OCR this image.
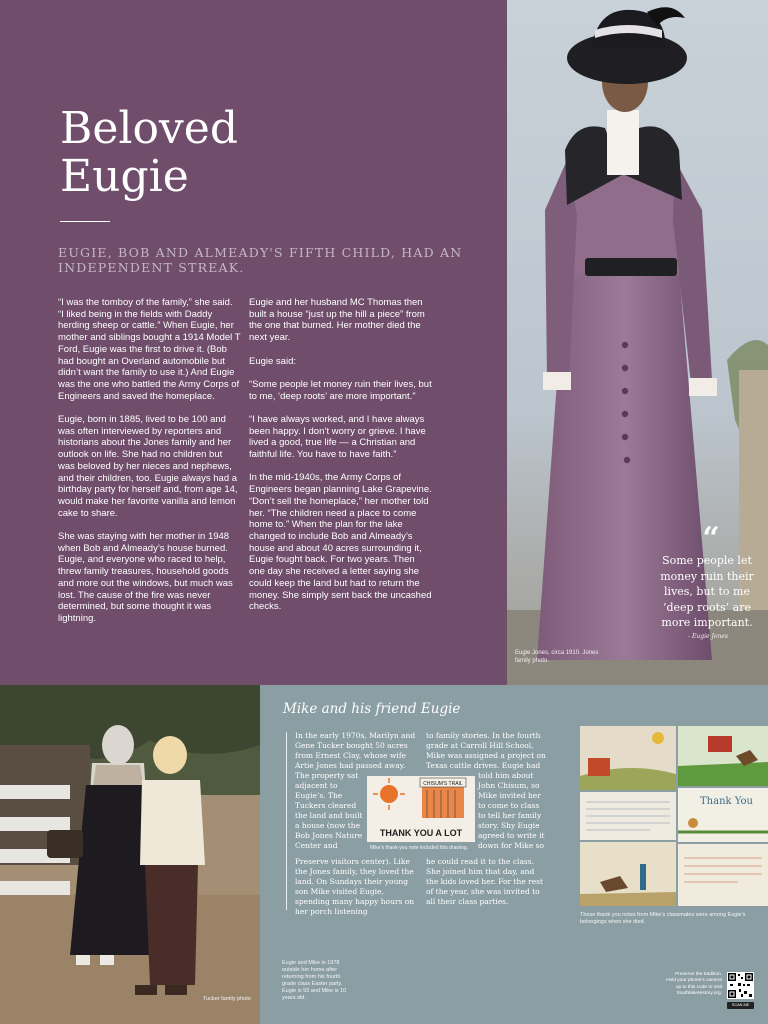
Beloved
Eugie
EUGIE, BOB AND ALMEADY'S FIFTH CHILD, HAD AN INDEPENDENT STREAK.

“I was the tomboy of the family,” she said. “I liked being in the fields with Daddy herding sheep or cattle.” When Eugie, her mother and siblings bought a 1914 Model T Ford, Eugie was the first to drive it. (Bob had bought an Overland automobile but didn’t want the family to use it.) And Eugie was the one who battled the Army Corps of Engineers and saved the homeplace.

Eugie, born in 1885, lived to be 100 and was often interviewed by reporters and historians about the Jones family and her outlook on life. She had no children but was beloved by her nieces and nephews, and their children, too. Eugie always had a birthday party for herself and, from age 14, would make her favorite vanilla and lemon cake to share.

She was staying with her mother in 1948 when Bob and Almeady’s house burned. Eugie, and everyone who raced to help, threw family treasures, household goods and more out the windows, but much was lost. The cause of the fire was never determined, but some thought it was lightning.

Eugie and her husband MC Thomas then built a house “just up the hill a piece” from the one that burned. Her mother died the next year.

Eugie said:

“Some people let money ruin their lives, but to me, ‘deep roots’ are more important.”

“I have always worked, and I have always been happy. I don’t worry or grieve. I have lived a good, true life — a Christian and faithful life. You have to have faith.”

In the mid-1940s, the Army Corps of Engineers began planning Lake Grapevine. “Don’t sell the homeplace,” her mother told her. “The children need a place to come home to.” When the plan for the lake changed to include Bob and Almeady’s house and about 40 acres surrounding it, Eugie fought back. For two years. Then one day she received a letter saying she could keep the land but had to return the money. She simply sent back the uncashed checks.

“
Some people let money ruin their lives, but to me ‘deep roots’ are more important.
- Eugie Jones
Eugie Jones, circa 1910. Jones family photo.
Mike and his friend Eugie
In the early 1970s, Marilyn and Gene Tucker bought 50 acres from Ernest Clay, whose wife Artie Jones had passed away.
The property sat adjacent to Eugie’s. The Tuckers cleared the land and built a house (now the Bob Jones Nature Center and
Preserve visitors center). Like the Jones family, they loved the land. On Sundays their young son Mike visited Eugie, spending many happy hours on her porch listening
to family stories. In the fourth grade at Carroll Hill School, Mike was assigned a project on Texas cattle drives. Eugie had
told him about John Chisum, so Mike invited her to come to class to tell her family story. Shy Eugie agreed to write it down for Mike so
he could read it to the class. She joined him that day, and the kids loved her. For the rest of the year, she was invited to all their class parties.
CHISUM'S TRAIL
THANK YOU A LOT
Mike’s thank-you note included this drawing.
Thank You
These thank you notes from Mike’s classmates were among Eugie’s belongings when she died.
Eugie and Mike in 1978 outside her home after returning from his fourth grade class Easter party. Eugie is 93 and Mike is 10 years old.
Tucker family photo
Preserve the tradition. Hold your phone’s camera up to this code to visit SouthlakeHistory.org.
SCAN ME
